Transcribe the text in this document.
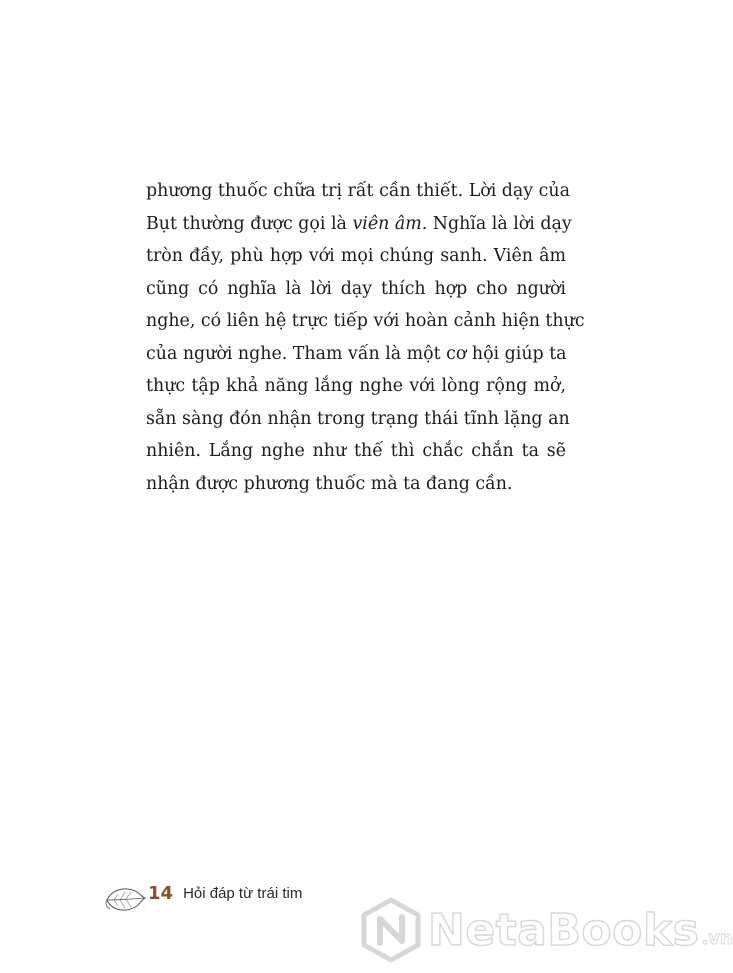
phương thuốc chữa trị rất cần thiết. Lời dạy của
Bụt thường được gọi là viên âm. Nghĩa là lời dạy
tròn đầy, phù hợp với mọi chúng sanh. Viên âm
cũng có nghĩa là lời dạy thích hợp cho người
nghe, có liên hệ trực tiếp với hoàn cảnh hiện thực
của người nghe. Tham vấn là một cơ hội giúp ta
thực tập khả năng lắng nghe với lòng rộng mở,
sẵn sàng đón nhận trong trạng thái tĩnh lặng an
nhiên. Lắng nghe như thế thì chắc chắn ta sẽ
nhận được phương thuốc mà ta đang cần.
14 Hỏi đáp từ trái tim
NetaBooks .vn
